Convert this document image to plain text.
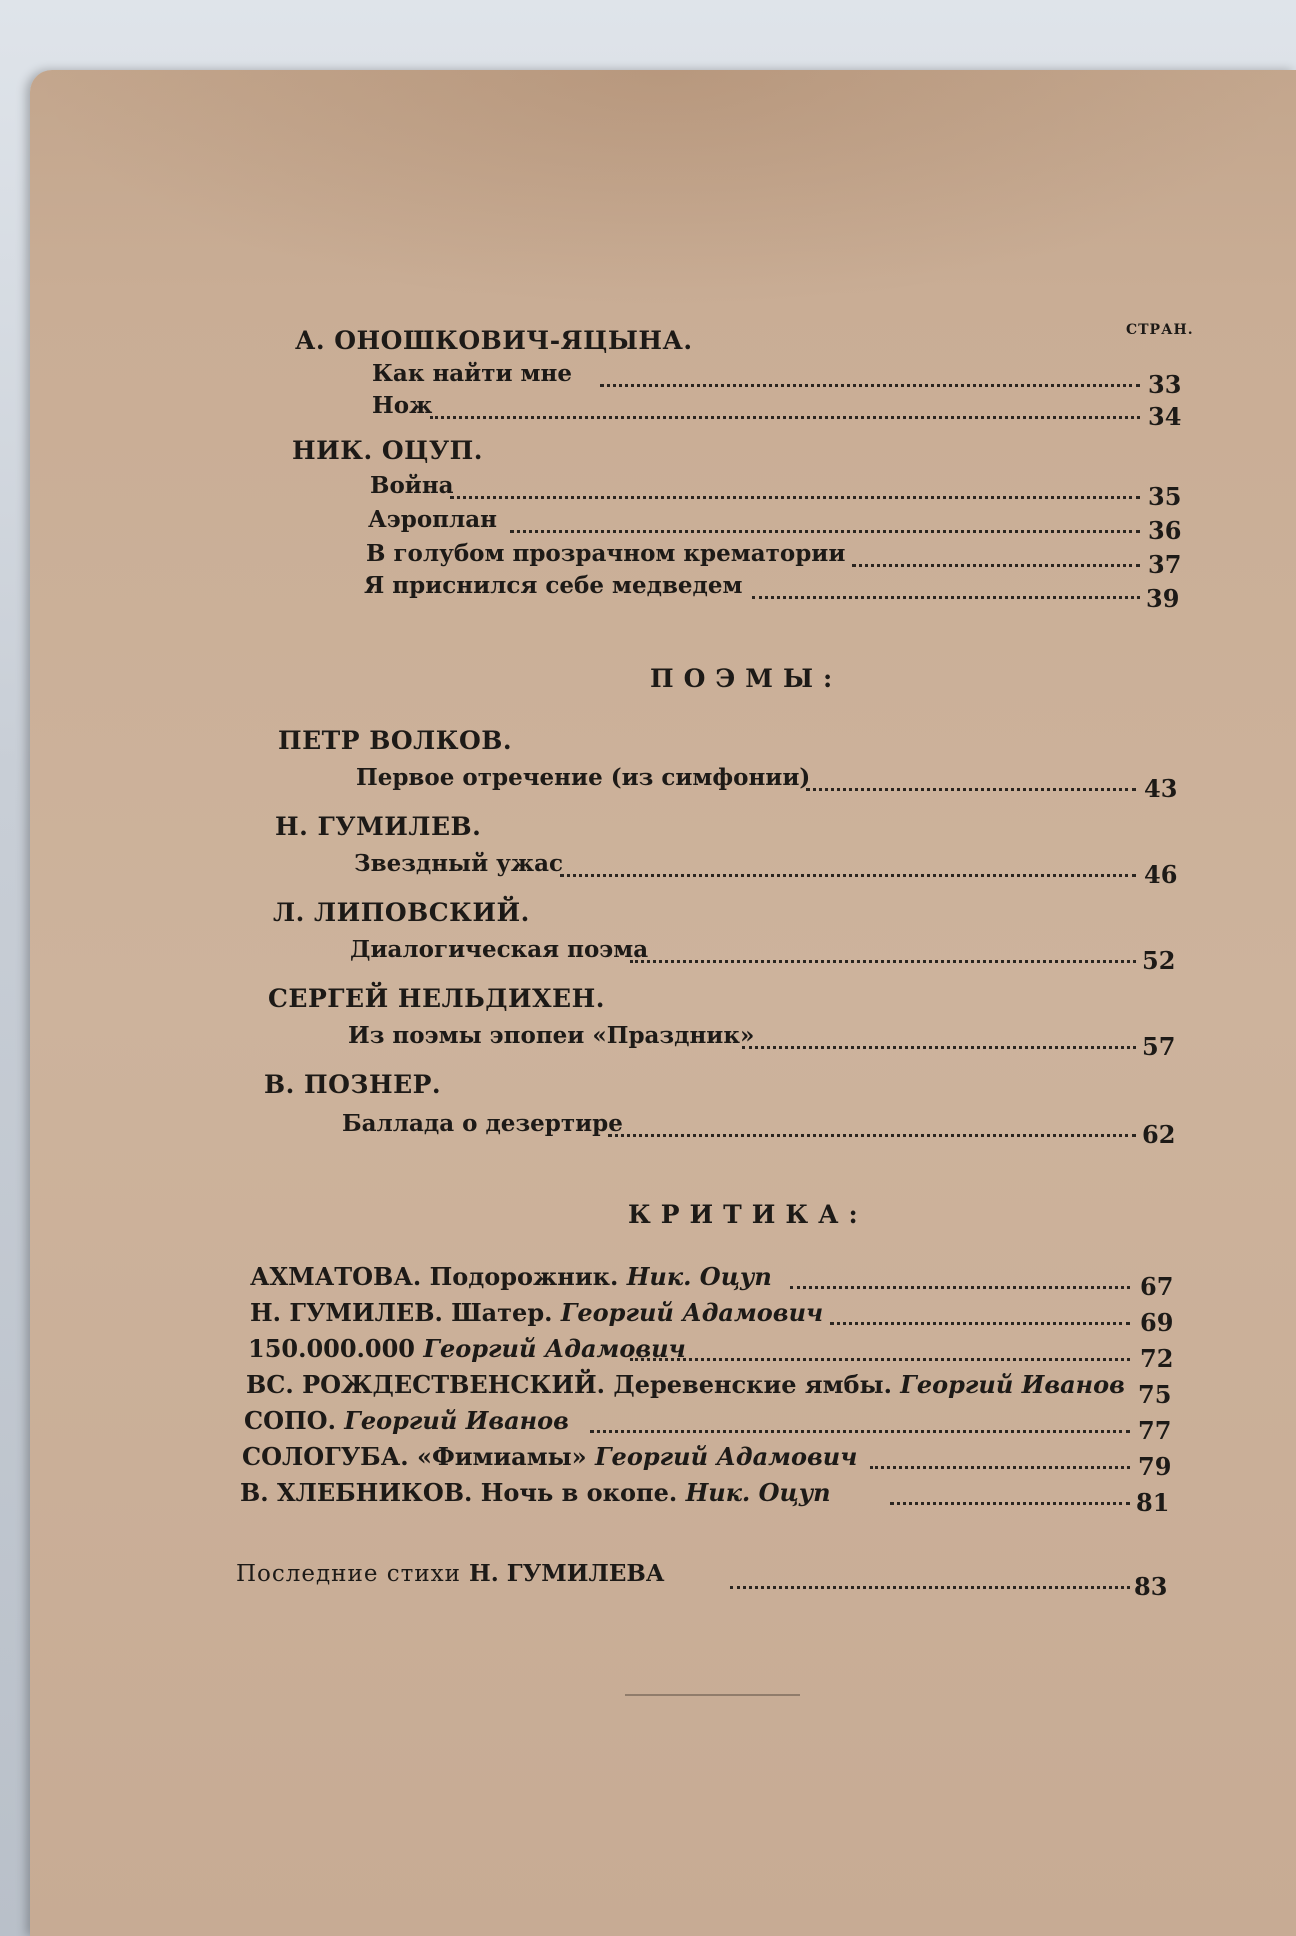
СТРАН.
А. ОНОШКОВИЧ-ЯЦЫНА.
Как найти мне	33
Нож	34
НИК. ОЦУП.
Война	35
Аэроплан	36
В голубом прозрачном крематории	37
Я приснился себе медведем	39
ПОЭМЫ:
ПЕТР ВОЛКОВ.
Первое отречение (из симфонии)	43
Н. ГУМИЛЕВ.
Звездный ужас	46
Л. ЛИПОВСКИЙ.
Диалогическая поэма	52
СЕРГЕЙ НЕЛЬДИХЕН.
Из поэмы эпопеи «Праздник»	57
В. ПОЗНЕР.
Баллада о дезертире	62
КРИТИКА:
АХМАТОВА. Подорожник. Ник. Оцуп	67
Н. ГУМИЛЕВ. Шатер. Георгий Адамович	69
150.000.000 Георгий Адамович	72
ВС. РОЖДЕСТВЕНСКИЙ. Деревенские ямбы. Георгий Иванов 75
СОПО. Георгий Иванов	77
СОЛОГУБА. «Фимиамы» Георгий Адамович	79
В. ХЛЕБНИКОВ. Ночь в окопе. Ник. Оцуп	81
Последние стихи Н. ГУМИЛЕВА	83
